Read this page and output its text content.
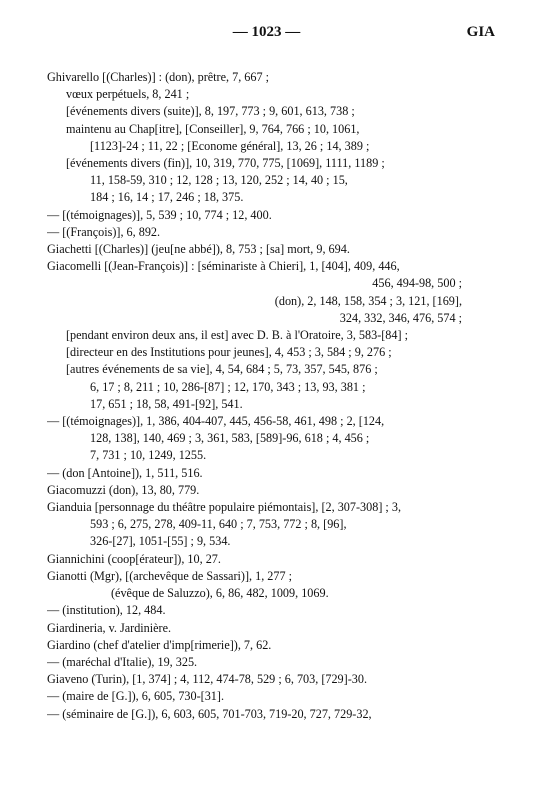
— 1023 —	GIA
Ghivarello [(Charles)] : (don), prêtre, 7, 667 ;
vœux perpétuels, 8, 241 ;
[événements divers (suite)], 8, 197, 773 ; 9, 601, 613, 738 ;
maintenu au Chap[itre], [Conseiller], 9, 764, 766 ; 10, 1061,
[1123]-24 ; 11, 22 ; [Econome général], 13, 26 ; 14, 389 ;
[événements divers (fin)], 10, 319, 770, 775, [1069], 1111, 1189 ;
11, 158-59, 310 ; 12, 128 ; 13, 120, 252 ; 14, 40 ; 15,
184 ; 16, 14 ; 17, 246 ; 18, 375.
— [(témoignages)], 5, 539 ; 10, 774 ; 12, 400.
— [(François)], 6, 892.
Giachetti [(Charles)] (jeu[ne abbé]), 8, 753 ; [sa] mort, 9, 694.
Giacomelli [(Jean-François)] : [séminariste à Chieri], 1, [404], 409, 446,
456, 494-98, 500 ;
(don), 2, 148, 158, 354 ; 3, 121, [169],
324, 332, 346, 476, 574 ;
[pendant environ deux ans, il est] avec D. B. à l'Oratoire, 3, 583-[84] ;
[directeur en des Institutions pour jeunes], 4, 453 ; 3, 584 ; 9, 276 ;
[autres événements de sa vie], 4, 54, 684 ; 5, 73, 357, 545, 876 ;
6, 17 ; 8, 211 ; 10, 286-[87] ; 12, 170, 343 ; 13, 93, 381 ;
17, 651 ; 18, 58, 491-[92], 541.
— [(témoignages)], 1, 386, 404-407, 445, 456-58, 461, 498 ; 2, [124,
128, 138], 140, 469 ; 3, 361, 583, [589]-96, 618 ; 4, 456 ;
7, 731 ; 10, 1249, 1255.
— (don [Antoine]), 1, 511, 516.
Giacomuzzi (don), 13, 80, 779.
Gianduia [personnage du théâtre populaire piémontais], [2, 307-308] ; 3,
593 ; 6, 275, 278, 409-11, 640 ; 7, 753, 772 ; 8, [96],
326-[27], 1051-[55] ; 9, 534.
Giannichini (coop[érateur]), 10, 27.
Gianotti (Mgr), [(archevêque de Sassari)], 1, 277 ;
(évêque de Saluzzo), 6, 86, 482, 1009, 1069.
— (institution), 12, 484.
Giardineria, v. Jardinière.
Giardino (chef d'atelier d'imp[rimerie]), 7, 62.
— (maréchal d'Italie), 19, 325.
Giaveno (Turin), [1, 374] ; 4, 112, 474-78, 529 ; 6, 703, [729]-30.
— (maire de [G.]), 6, 605, 730-[31].
— (séminaire de [G.]), 6, 603, 605, 701-703, 719-20, 727, 729-32,
